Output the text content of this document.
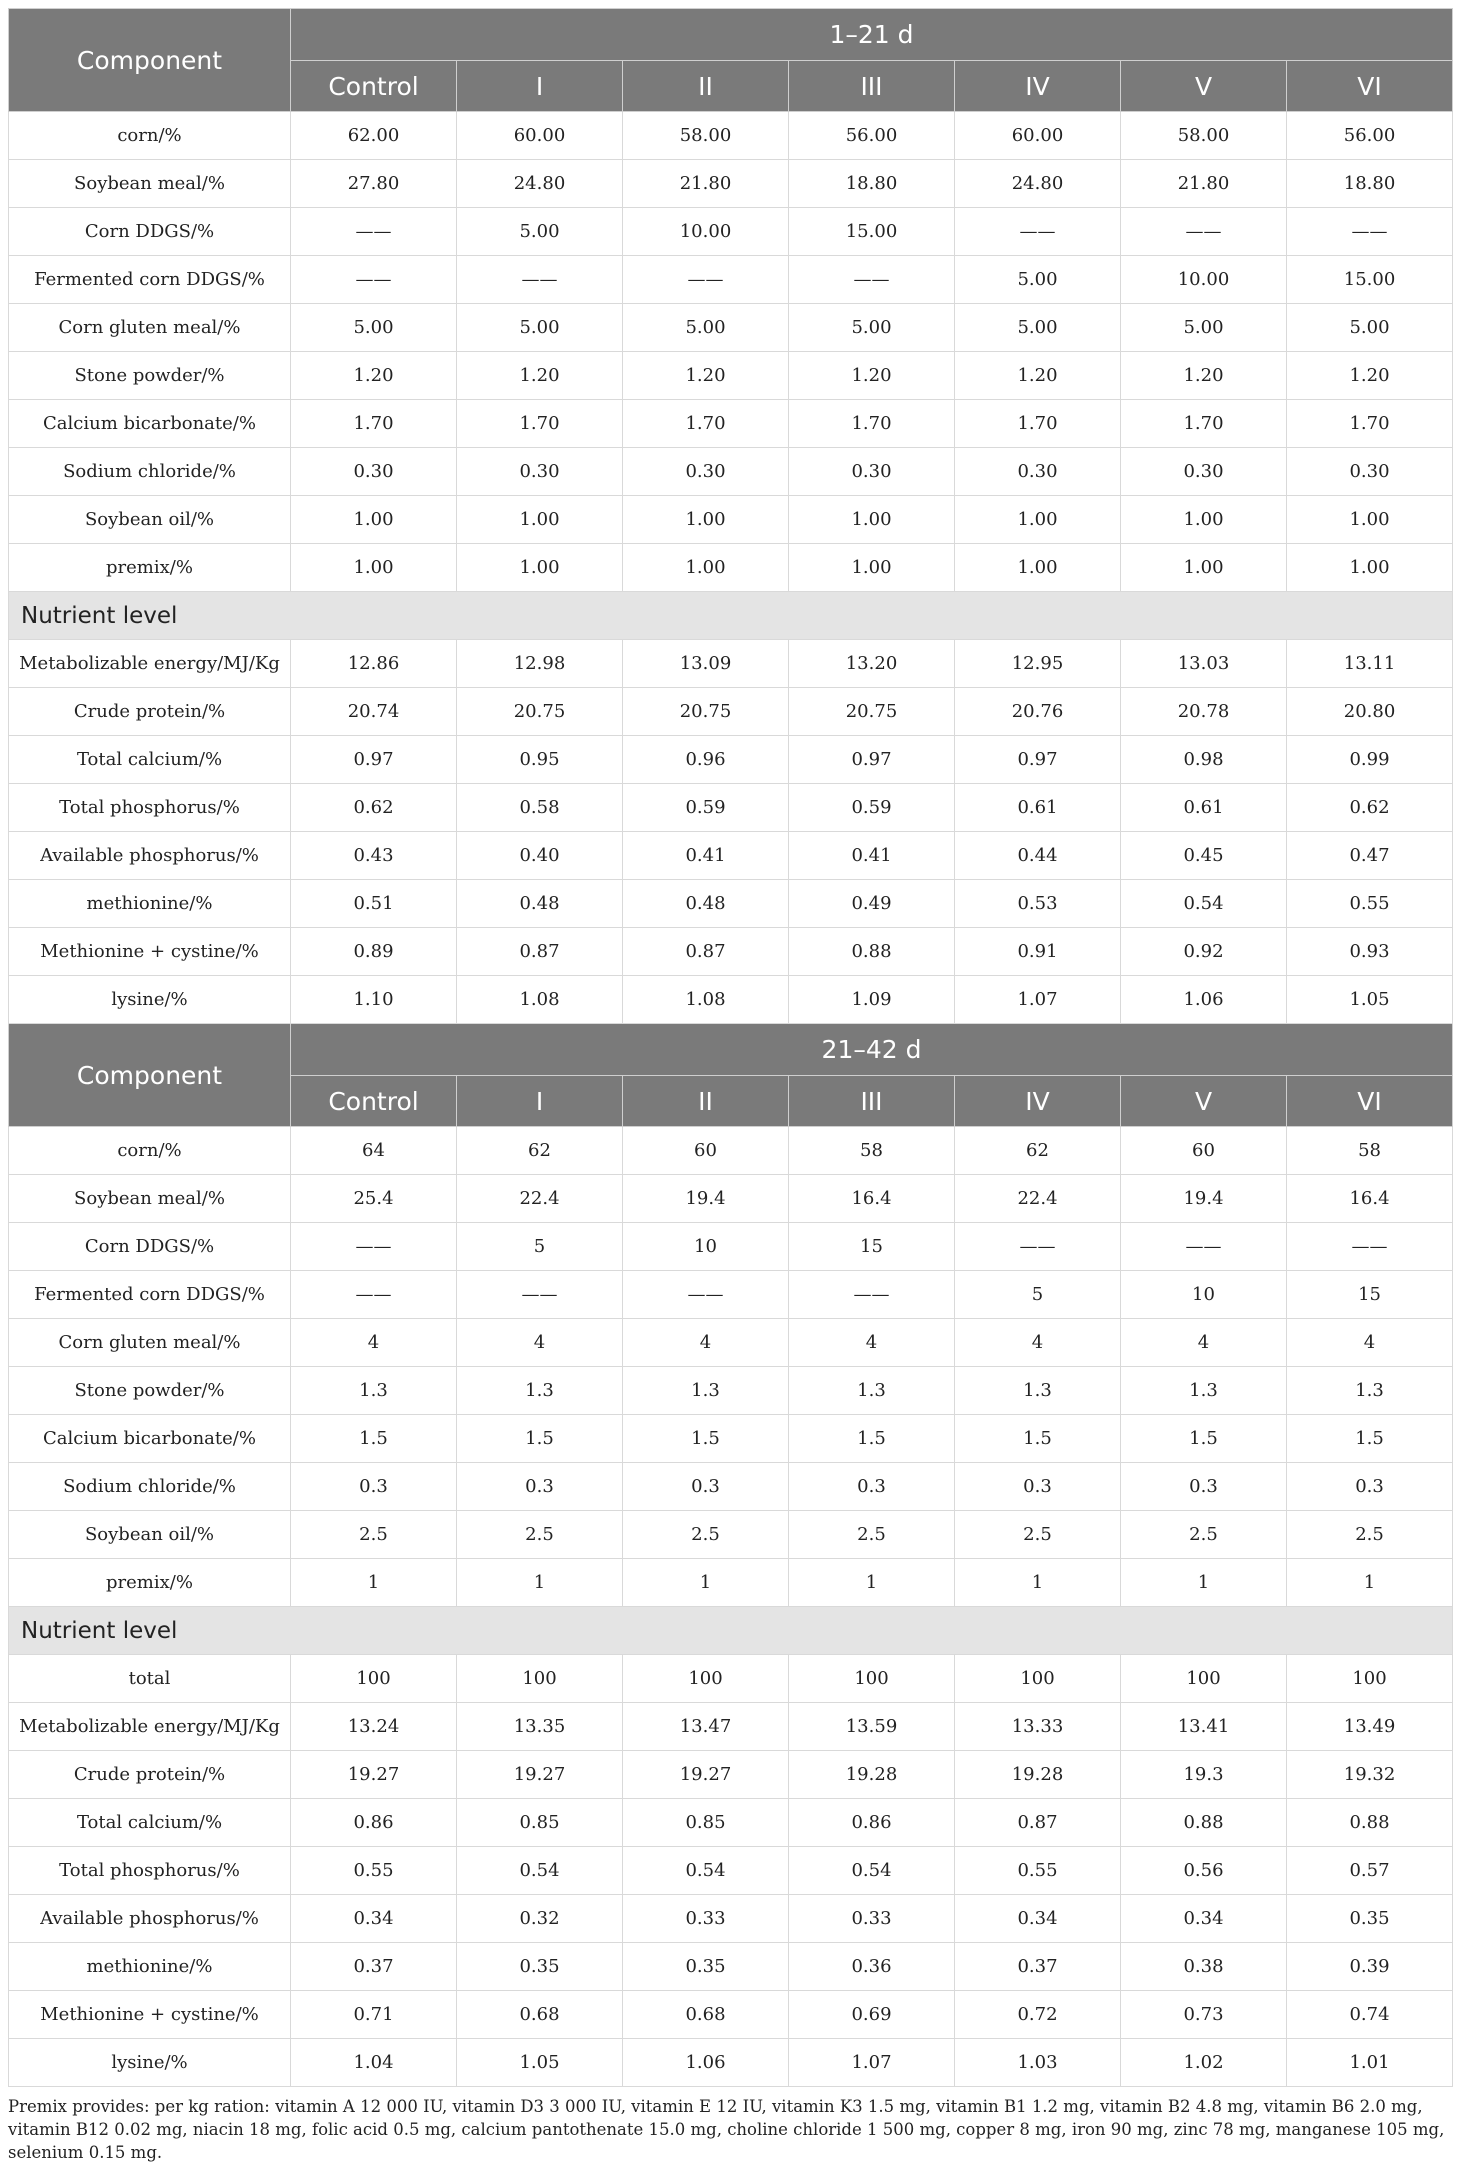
Component	1–21 d						
	Control	I	II	III	IV	V	VI
corn/%	62.00	60.00	58.00	56.00	60.00	58.00	56.00
Soybean meal/%	27.80	24.80	21.80	18.80	24.80	21.80	18.80
Corn DDGS/%	——	5.00	10.00	15.00	——	——	——
Fermented corn DDGS/%	——	——	——	——	5.00	10.00	15.00
Corn gluten meal/%	5.00	5.00	5.00	5.00	5.00	5.00	5.00
Stone powder/%	1.20	1.20	1.20	1.20	1.20	1.20	1.20
Calcium bicarbonate/%	1.70	1.70	1.70	1.70	1.70	1.70	1.70
Sodium chloride/%	0.30	0.30	0.30	0.30	0.30	0.30	0.30
Soybean oil/%	1.00	1.00	1.00	1.00	1.00	1.00	1.00
premix/%	1.00	1.00	1.00	1.00	1.00	1.00	1.00
Nutrient level							
Metabolizable energy/MJ/Kg	12.86	12.98	13.09	13.20	12.95	13.03	13.11
Crude protein/%	20.74	20.75	20.75	20.75	20.76	20.78	20.80
Total calcium/%	0.97	0.95	0.96	0.97	0.97	0.98	0.99
Total phosphorus/%	0.62	0.58	0.59	0.59	0.61	0.61	0.62
Available phosphorus/%	0.43	0.40	0.41	0.41	0.44	0.45	0.47
methionine/%	0.51	0.48	0.48	0.49	0.53	0.54	0.55
Methionine + cystine/%	0.89	0.87	0.87	0.88	0.91	0.92	0.93
lysine/%	1.10	1.08	1.08	1.09	1.07	1.06	1.05
Component	21–42 d						
	Control	I	II	III	IV	V	VI
corn/%	64	62	60	58	62	60	58
Soybean meal/%	25.4	22.4	19.4	16.4	22.4	19.4	16.4
Corn DDGS/%	——	5	10	15	——	——	——
Fermented corn DDGS/%	——	——	——	——	5	10	15
Corn gluten meal/%	4	4	4	4	4	4	4
Stone powder/%	1.3	1.3	1.3	1.3	1.3	1.3	1.3
Calcium bicarbonate/%	1.5	1.5	1.5	1.5	1.5	1.5	1.5
Sodium chloride/%	0.3	0.3	0.3	0.3	0.3	0.3	0.3
Soybean oil/%	2.5	2.5	2.5	2.5	2.5	2.5	2.5
premix/%	1	1	1	1	1	1	1
Nutrient level							
total	100	100	100	100	100	100	100
Metabolizable energy/MJ/Kg	13.24	13.35	13.47	13.59	13.33	13.41	13.49
Crude protein/%	19.27	19.27	19.27	19.28	19.28	19.3	19.32
Total calcium/%	0.86	0.85	0.85	0.86	0.87	0.88	0.88
Total phosphorus/%	0.55	0.54	0.54	0.54	0.55	0.56	0.57
Available phosphorus/%	0.34	0.32	0.33	0.33	0.34	0.34	0.35
methionine/%	0.37	0.35	0.35	0.36	0.37	0.38	0.39
Methionine + cystine/%	0.71	0.68	0.68	0.69	0.72	0.73	0.74
lysine/%	1.04	1.05	1.06	1.07	1.03	1.02	1.01
Premix provides: per kg ration: vitamin A 12 000 IU, vitamin D3 3 000 IU, vitamin E 12 IU, vitamin K3 1.5 mg, vitamin B1 1.2 mg, vitamin B2 4.8 mg, vitamin B6 2.0 mg, vitamin B12 0.02 mg, niacin 18 mg, folic acid 0.5 mg, calcium pantothenate 15.0 mg, choline chloride 1 500 mg, copper 8 mg, iron 90 mg, zinc 78 mg, manganese 105 mg, selenium 0.15 mg.
